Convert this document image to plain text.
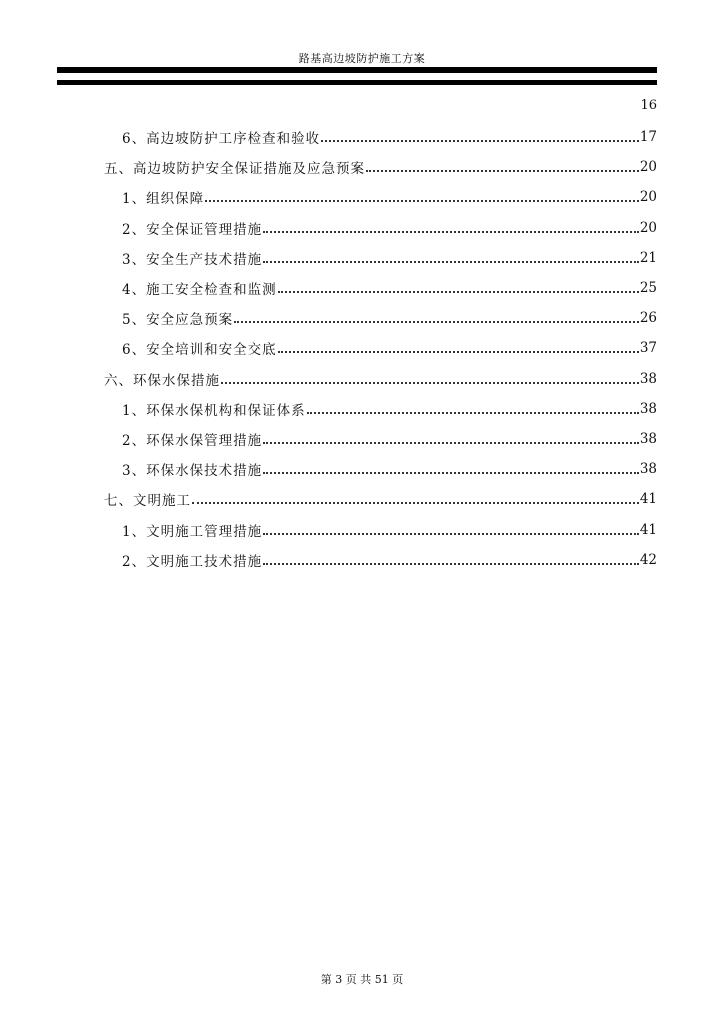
路基高边坡防护施工方案
16
6、高边坡防护工序检查和验收	17
五、高边坡防护安全保证措施及应急预案	20
1、组织保障	20
2、安全保证管理措施	20
3、安全生产技术措施	21
4、施工安全检查和监测	25
5、安全应急预案	26
6、安全培训和安全交底	37
六、环保水保措施	38
1、环保水保机构和保证体系	38
2、环保水保管理措施	38
3、环保水保技术措施	38
七、文明施工	41
1、文明施工管理措施	41
2、文明施工技术措施	42
第 3 页 共 51 页
